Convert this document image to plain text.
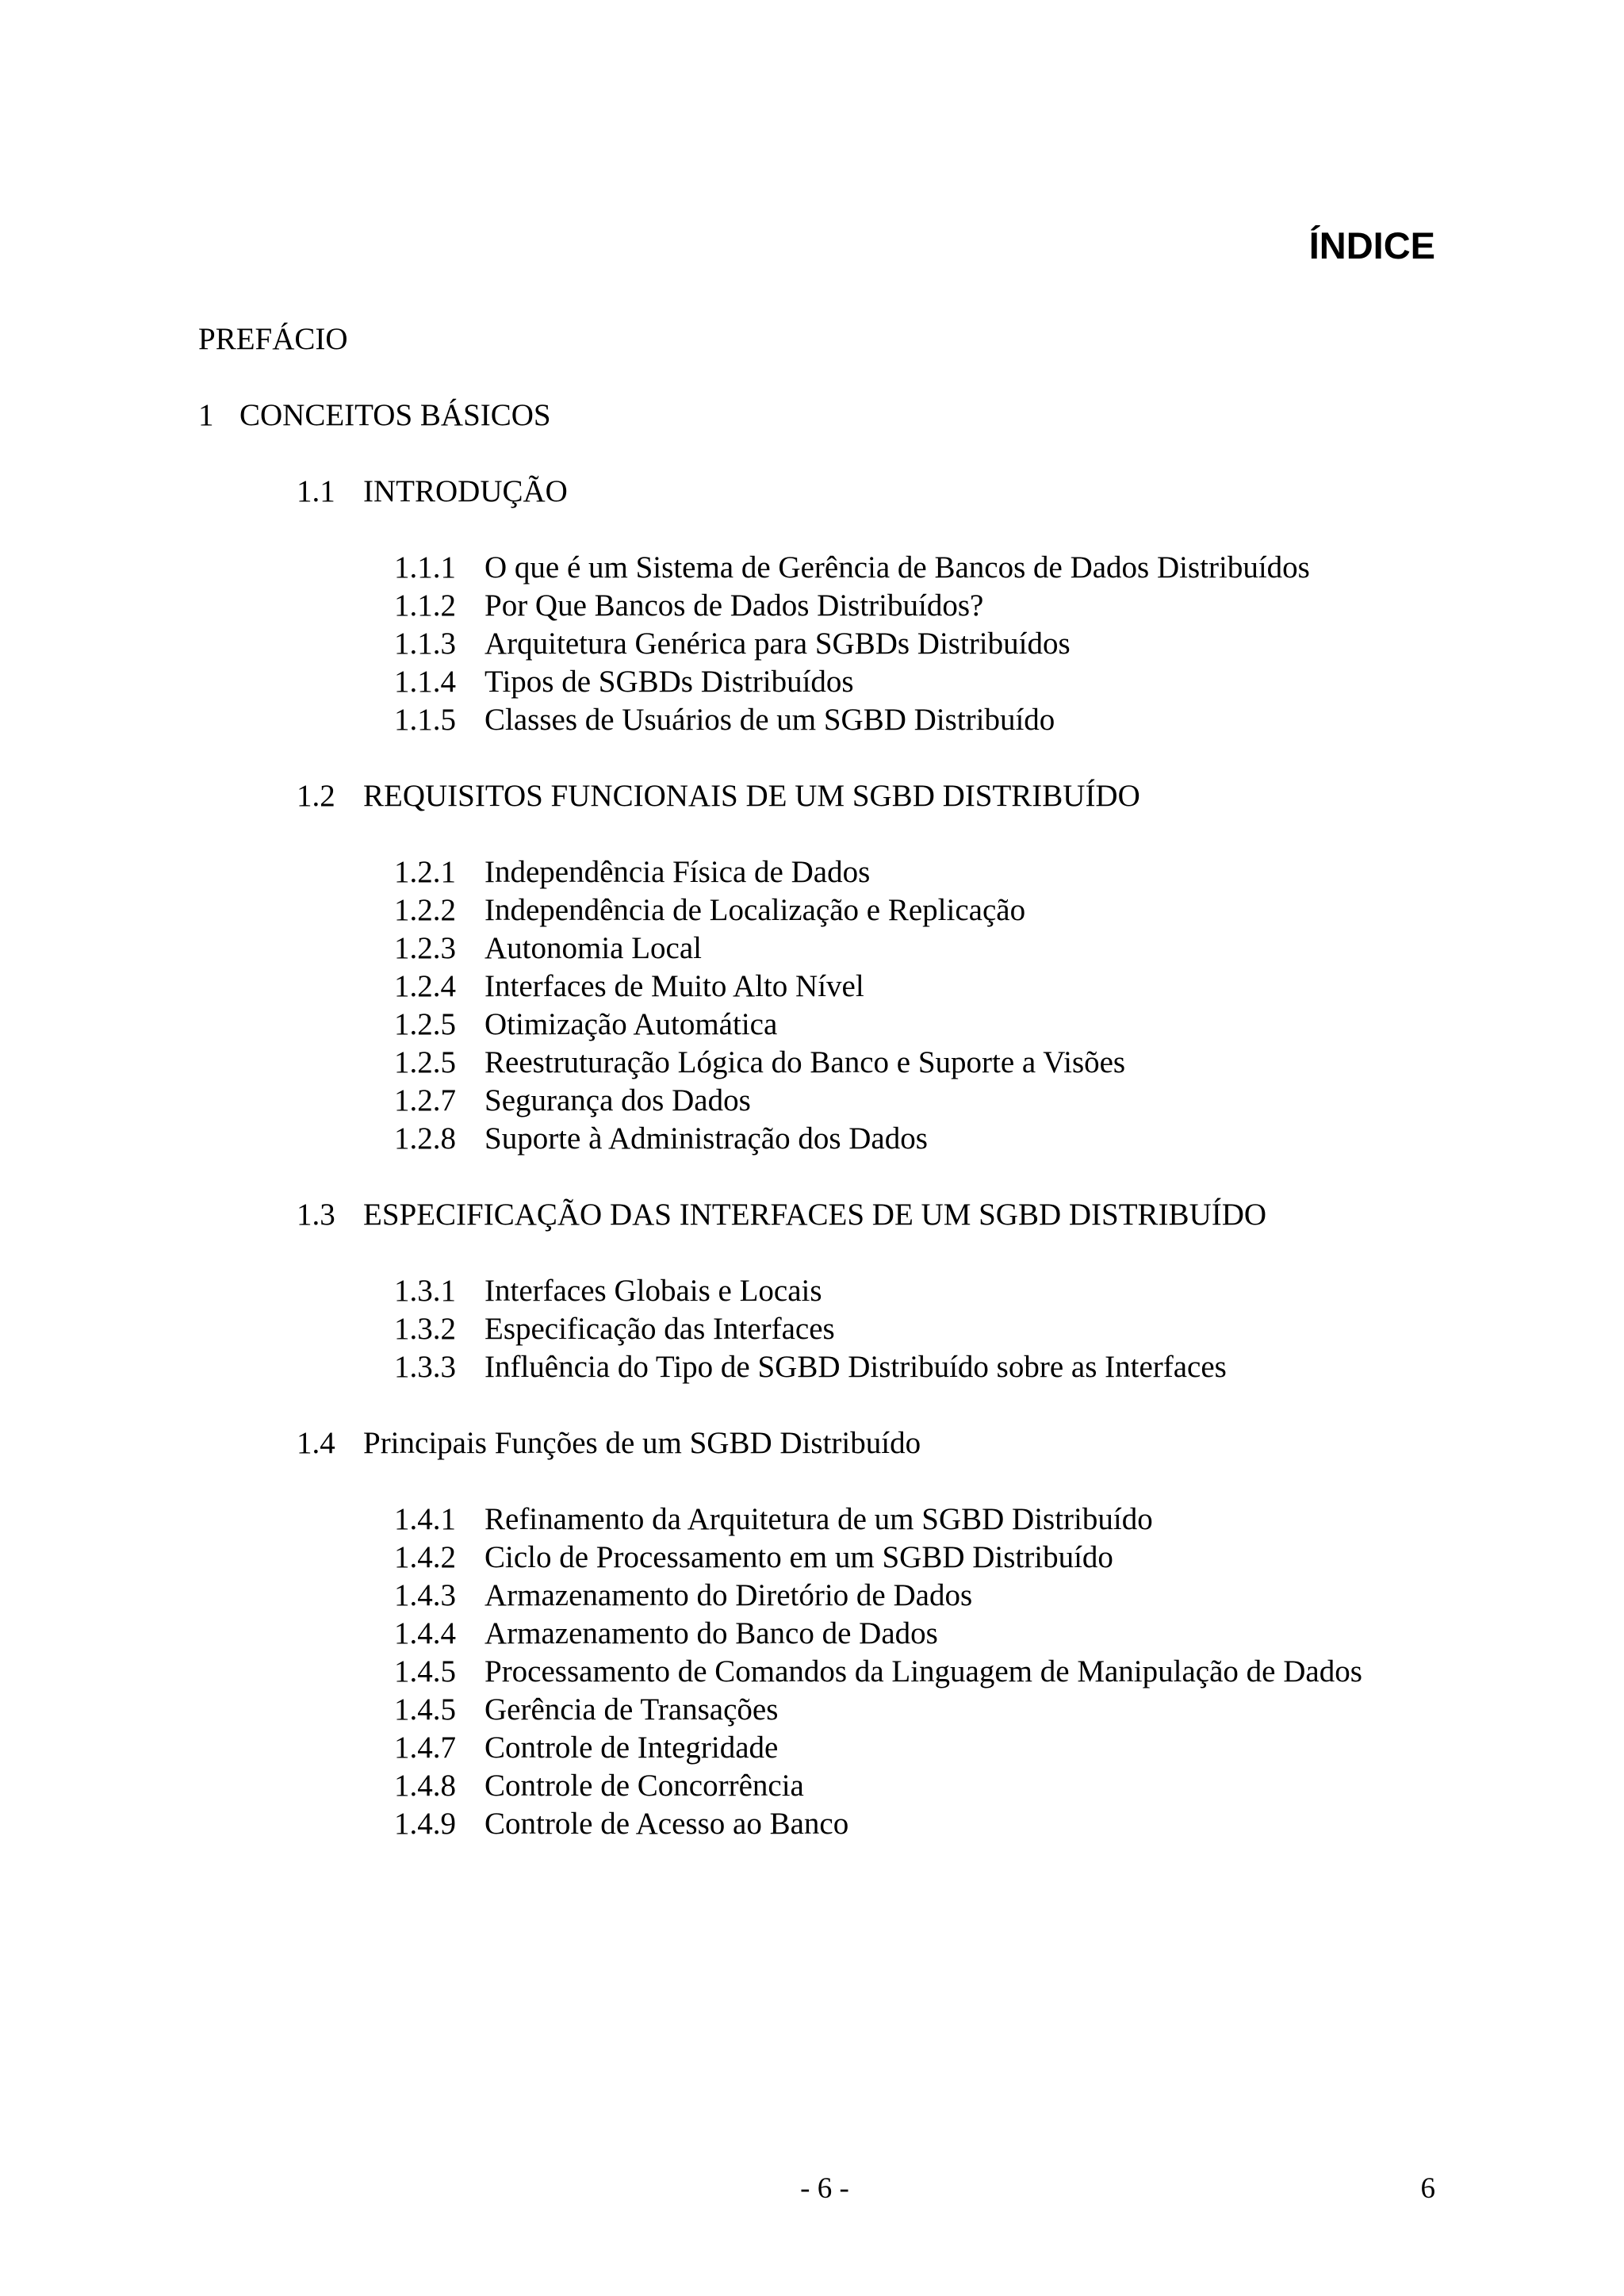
ÍNDICE
PREFÁCIO
1 CONCEITOS BÁSICOS
1.1 INTRODUÇÃO
1.1.1 O que é um Sistema de Gerência de Bancos de Dados Distribuídos
1.1.2 Por Que Bancos de Dados Distribuídos?
1.1.3 Arquitetura Genérica para SGBDs Distribuídos
1.1.4 Tipos de SGBDs Distribuídos
1.1.5 Classes de Usuários de um SGBD Distribuído
1.2 REQUISITOS FUNCIONAIS DE UM SGBD DISTRIBUÍDO
1.2.1 Independência Física de Dados
1.2.2 Independência de Localização e Replicação
1.2.3 Autonomia Local
1.2.4 Interfaces de Muito Alto Nível
1.2.5 Otimização Automática
1.2.5 Reestruturação Lógica do Banco e Suporte a Visões
1.2.7 Segurança dos Dados
1.2.8 Suporte à Administração dos Dados
1.3 ESPECIFICAÇÃO DAS INTERFACES DE UM SGBD DISTRIBUÍDO
1.3.1 Interfaces Globais e Locais
1.3.2 Especificação das Interfaces
1.3.3 Influência do Tipo de SGBD Distribuído sobre as Interfaces
1.4 Principais Funções de um SGBD Distribuído
1.4.1 Refinamento da Arquitetura de um SGBD Distribuído
1.4.2 Ciclo de Processamento em um SGBD Distribuído
1.4.3 Armazenamento do Diretório de Dados
1.4.4 Armazenamento do Banco de Dados
1.4.5 Processamento de Comandos da Linguagem de Manipulação de Dados
1.4.5 Gerência de Transações
1.4.7 Controle de Integridade
1.4.8 Controle de Concorrência
1.4.9 Controle de Acesso ao Banco
- 6 -	6
